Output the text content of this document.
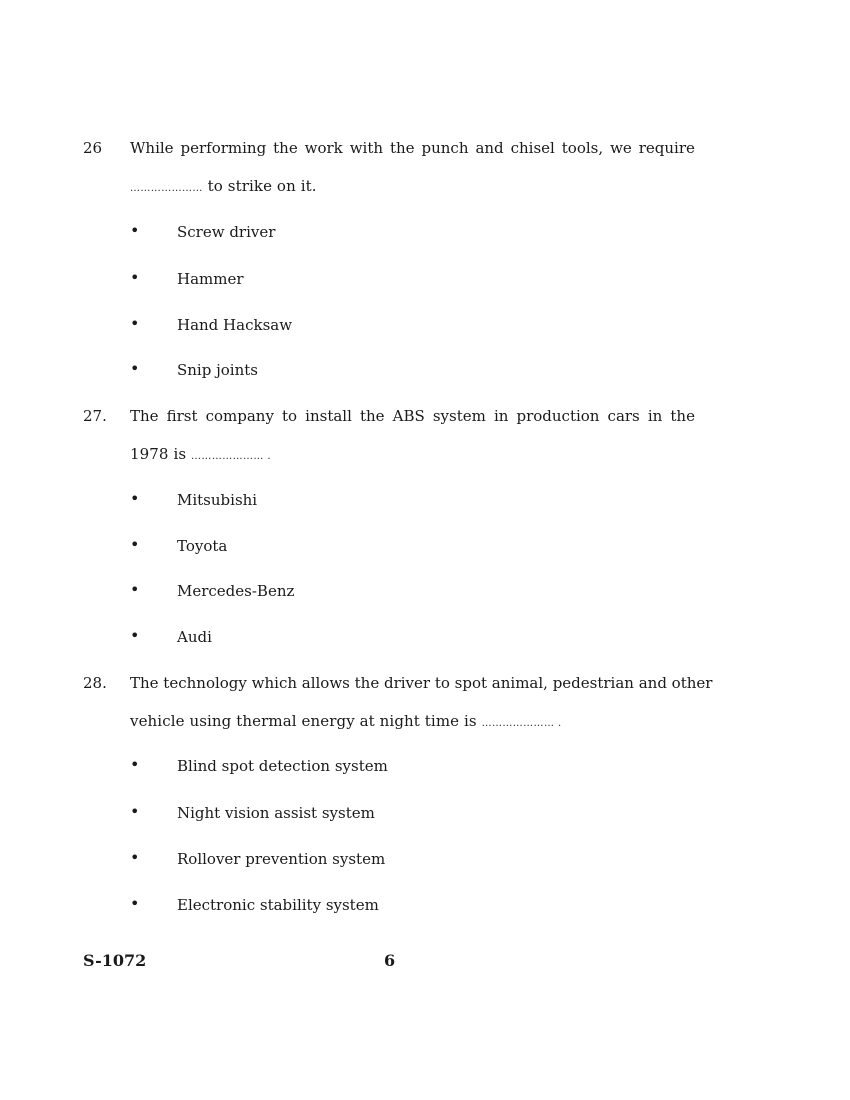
26 While performing the work with the punch and chisel tools, we require
………………… to strike on it.
•	Screw driver
•	Hammer
•	Hand Hacksaw
•	Snip joints
27. The first company to install the ABS system in production cars in the
1978 is ………………… .
•	Mitsubishi
•	Toyota
•	Mercedes-Benz
•	Audi
28. The technology which allows the driver to spot animal, pedestrian and other
vehicle using thermal energy at night time is ………………… .
•	Blind spot detection system
•	Night vision assist system
•	Rollover prevention system
•	Electronic stability system
S-1072	6
